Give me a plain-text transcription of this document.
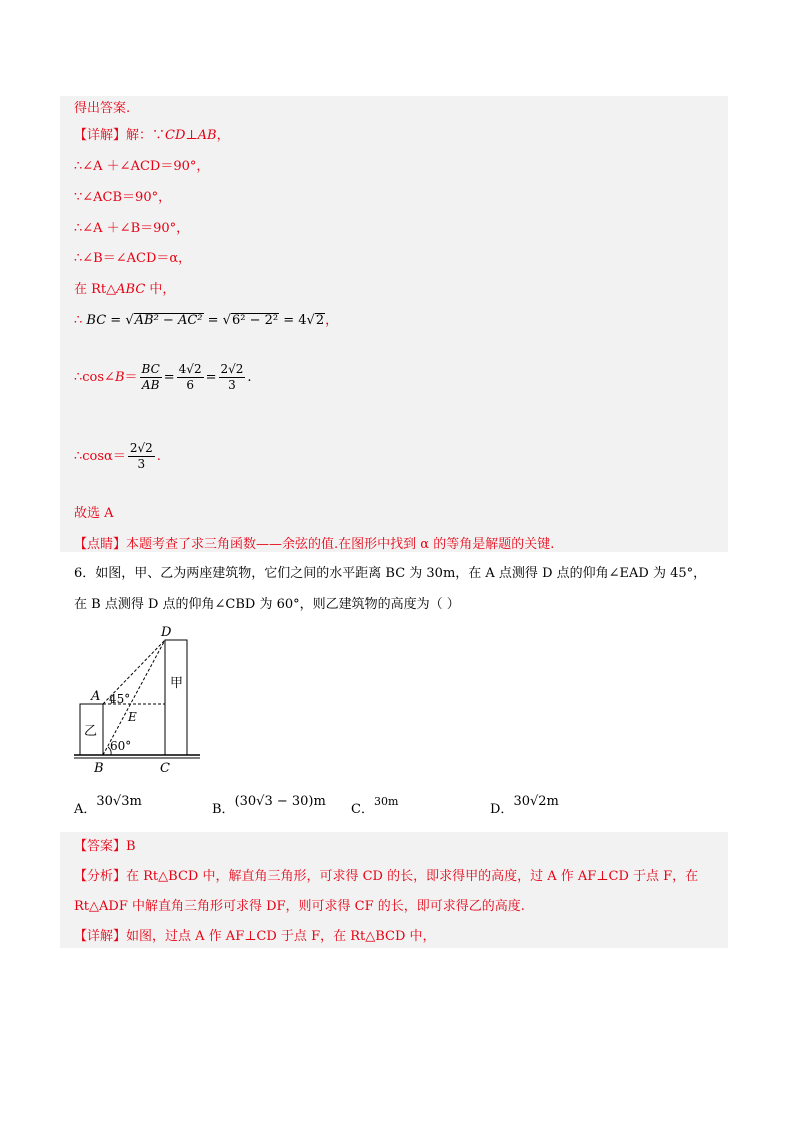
得出答案.
【详解】解：∵CD⊥AB，
∴∠A ＋∠ACD＝90°，
∵∠ACB＝90°，
∴∠A ＋∠B＝90°，
∴∠B＝∠ACD＝α，
在 Rt△ABC 中，
∴ BC = √AB² − AC² = √6² − 2² = 4√2，
∴cos∠B＝ $\frac{BC}{AB} = \frac{4√2}{6} = \frac{2√2}{3}$ .
∴cosα＝ $\frac{2√2}{3}$ .
故选 A
【点睛】本题考查了求三角函数——余弦的值.在图形中找到 α 的等角是解题的关键.
6．如图，甲、乙为两座建筑物，它们之间的水平距离 BC 为 30m，在 A 点测得 D 点的仰角∠EAD 为 45°，
在 B 点测得 D 点的仰角∠CBD 为 60°，则乙建筑物的高度为（ ）
D
A
B	C
E
甲
乙
45°
60°
A．30√3m
B．(30√3 − 30)m
C．30m
D．30√2m
【答案】B
【分析】在 Rt△BCD 中，解直角三角形，可求得 CD 的长，即求得甲的高度，过 A 作 AF⊥CD 于点 F，在
Rt△ADF 中解直角三角形可求得 DF，则可求得 CF 的长，即可求得乙的高度.
【详解】如图，过点 A 作 AF⊥CD 于点 F，在 Rt△BCD 中，
